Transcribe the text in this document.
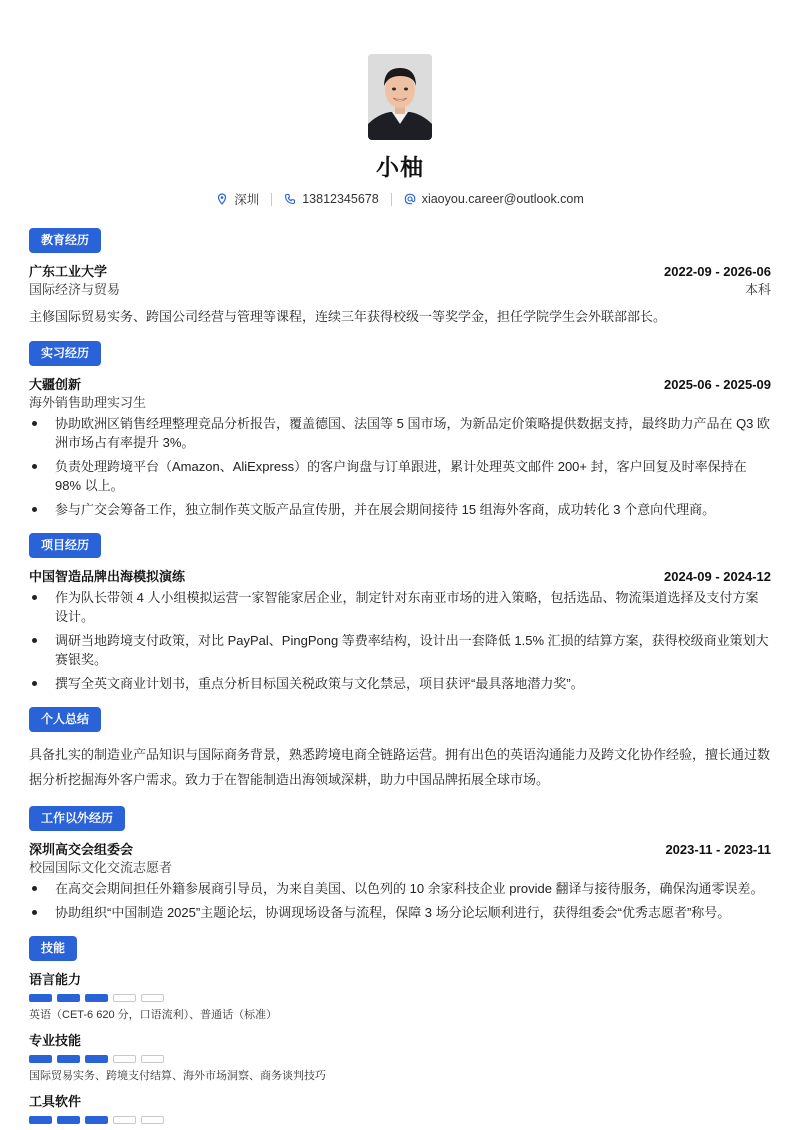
小柚
深圳	13812345678	xiaoyou.career@outlook.com
教育经历
广东工业大学	2022-09 - 2026-06
国际经济与贸易	本科
主修国际贸易实务、跨国公司经营与管理等课程，连续三年获得校级一等奖学金，担任学院学生会外联部部长。
实习经历
大疆创新	2025-06 - 2025-09
海外销售助理实习生
协助欧洲区销售经理整理竞品分析报告，覆盖德国、法国等 5 国市场，为新品定价策略提供数据支持，最终助力产品在 Q3 欧洲市场占有率提升 3%。
负责处理跨境平台（Amazon、AliExpress）的客户询盘与订单跟进，累计处理英文邮件 200+ 封，客户回复及时率保持在 98% 以上。
参与广交会筹备工作，独立制作英文版产品宣传册，并在展会期间接待 15 组海外客商，成功转化 3 个意向代理商。
项目经历
中国智造品牌出海模拟演练	2024-09 - 2024-12
作为队长带领 4 人小组模拟运营一家智能家居企业，制定针对东南亚市场的进入策略，包括选品、物流渠道选择及支付方案设计。
调研当地跨境支付政策，对比 PayPal、PingPong 等费率结构，设计出一套降低 1.5% 汇损的结算方案，获得校级商业策划大赛银奖。
撰写全英文商业计划书，重点分析目标国关税政策与文化禁忌，项目获评“最具落地潜力奖”。
个人总结
具备扎实的制造业产品知识与国际商务背景，熟悉跨境电商全链路运营。拥有出色的英语沟通能力及跨文化协作经验，擅长通过数据分析挖掘海外客户需求。致力于在智能制造出海领域深耕，助力中国品牌拓展全球市场。
工作以外经历
深圳高交会组委会	2023-11 - 2023-11
校园国际文化交流志愿者
在高交会期间担任外籍参展商引导员，为来自美国、以色列的 10 余家科技企业 provide 翻译与接待服务，确保沟通零误差。
协助组织“中国制造 2025”主题论坛，协调现场设备与流程，保障 3 场分论坛顺利进行，获得组委会“优秀志愿者”称号。
技能
语言能力
英语（CET-6 620 分，口语流利）、普通话（标准）
专业技能
国际贸易实务、跨境支付结算、海外市场洞察、商务谈判技巧
工具软件
